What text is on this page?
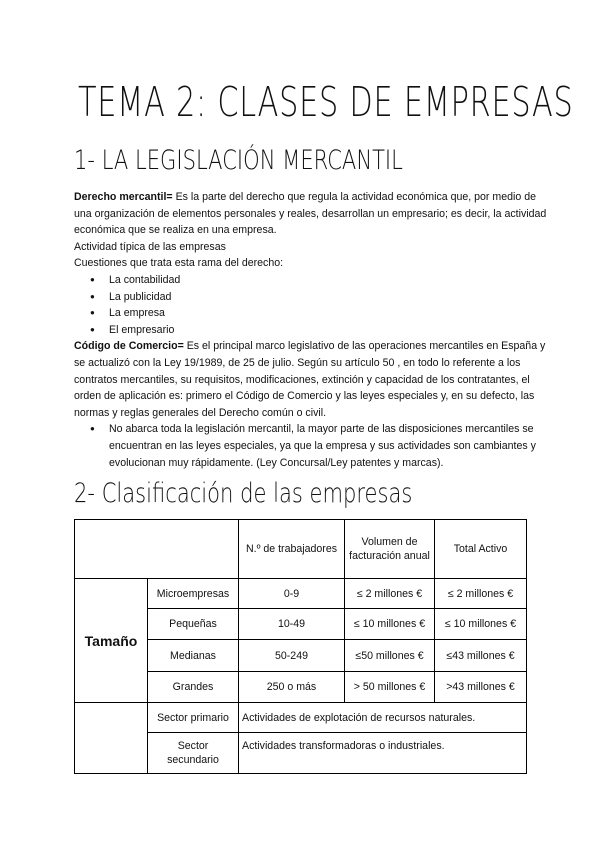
TEMA 2: CLASES DE EMPRESAS
1- LA LEGISLACIÓN MERCANTIL

Derecho mercantil= Es la parte del derecho que regula la actividad económica que, por medio de una organización de elementos personales y reales, desarrollan un empresario; es decir, la actividad económica que se realiza en una empresa.

Actividad típica de las empresas

Cuestiones que trata esta rama del derecho:

● La contabilidad
● La publicidad
● La empresa
● El empresario

Código de Comercio= Es el principal marco legislativo de las operaciones mercantiles en España y se actualizó con la Ley 19/1989, de 25 de julio. Según su artículo 50 , en todo lo referente a los contratos mercantiles, su requisitos, modificaciones, extinción y capacidad de los contratantes, el orden de aplicación es: primero el Código de Comercio y las leyes especiales y, en su defecto, las normas y reglas generales del Derecho común o civil.

● No abarca toda la legislación mercantil, la mayor parte de las disposiciones mercantiles se encuentran en las leyes especiales, ya que la empresa y sus actividades son cambiantes y evolucionan muy rápidamente. (Ley Concursal/Ley patentes y marcas).
2- Clasificación de las empresas
		N.º de trabajadores	Volumen de facturación anual	Total Activo
Tamaño	Microempresas	0-9	≤ 2 millones €	≤ 2 millones €
	Pequeñas	10-49	≤ 10 millones €	≤ 10 millones €
	Medianas	50-249	≤50 millones €	≤43 millones €
	Grandes	250 o más	> 50 millones €	>43 millones €
	Sector primario	Actividades de explotación de recursos naturales.		
	Sector secundario	Actividades transformadoras o industriales.		
